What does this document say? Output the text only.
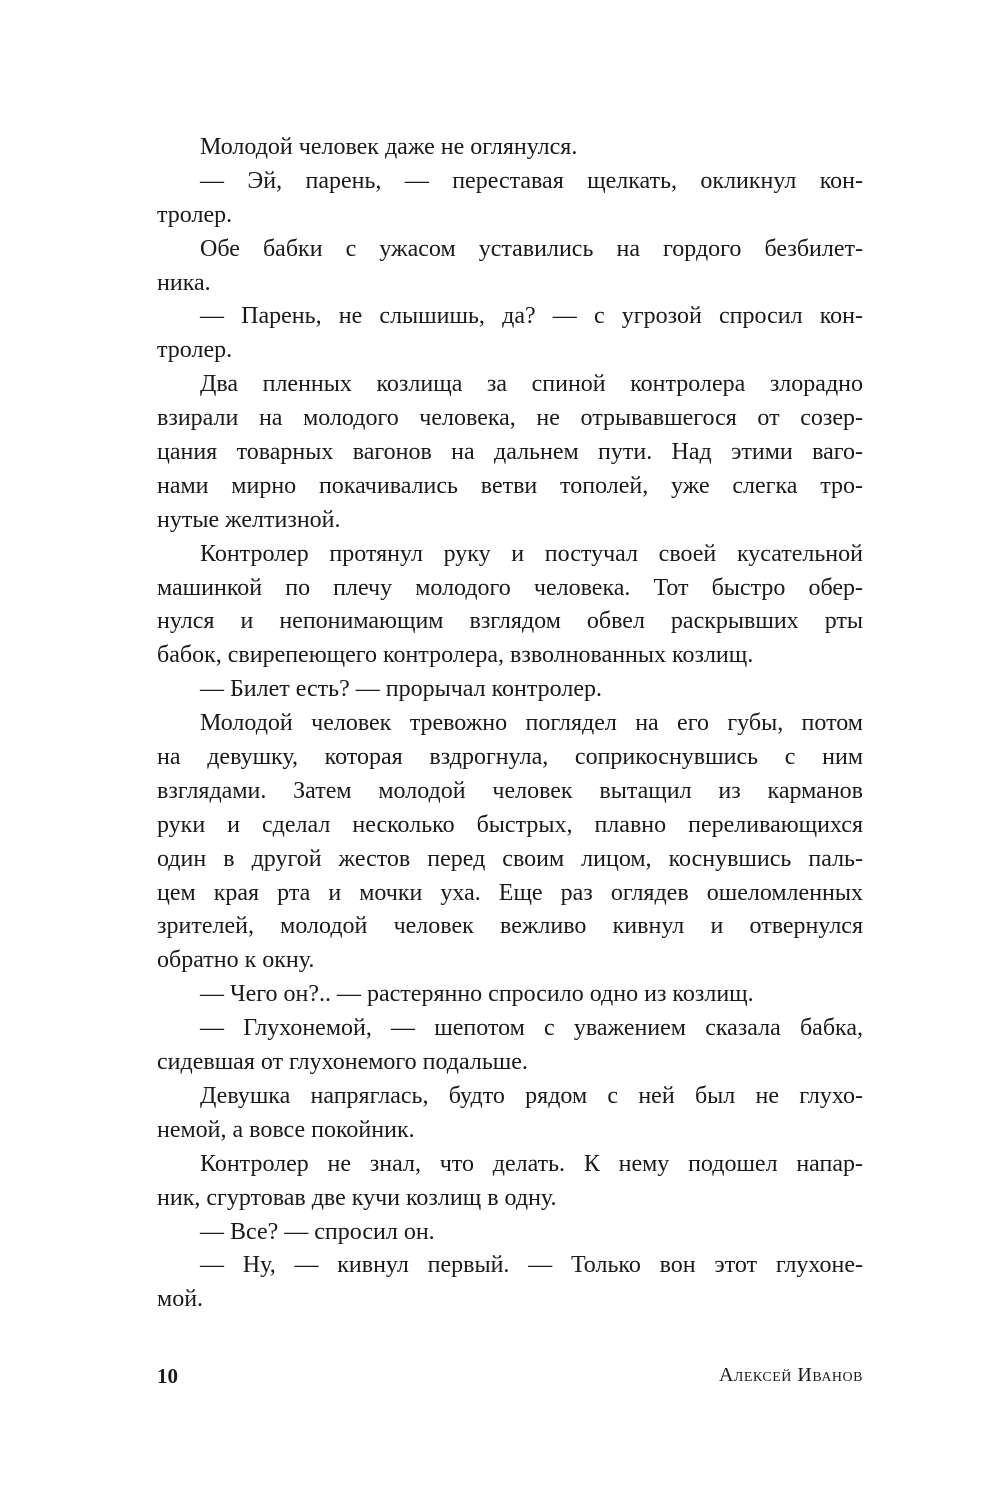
Молодой человек даже не оглянулся.
— Эй, парень, — переставая щелкать, окликнул кон-
тролер.
Обе бабки с ужасом уставились на гордого безбилет-
ника.
— Парень, не слышишь, да? — с угрозой спросил кон-
тролер.
Два пленных козлища за спиной контролера злорадно
взирали на молодого человека, не отрывавшегося от созер-
цания товарных вагонов на дальнем пути. Над этими ваго-
нами мирно покачивались ветви тополей, уже слегка тро-
нутые желтизной.
Контролер протянул руку и постучал своей кусательной
машинкой по плечу молодого человека. Тот быстро обер-
нулся и непонимающим взглядом обвел раскрывших рты
бабок, свирепеющего контролера, взволнованных козлищ.
— Билет есть? — прорычал контролер.
Молодой человек тревожно поглядел на его губы, потом
на девушку, которая вздрогнула, соприкоснувшись с ним
взглядами. Затем молодой человек вытащил из карманов
руки и сделал несколько быстрых, плавно переливающихся
один в другой жестов перед своим лицом, коснувшись паль-
цем края рта и мочки уха. Еще раз оглядев ошеломленных
зрителей, молодой человек вежливо кивнул и отвернулся
обратно к окну.
— Чего он?.. — растерянно спросило одно из козлищ.
— Глухонемой, — шепотом с уважением сказала бабка,
сидевшая от глухонемого подальше.
Девушка напряглась, будто рядом с ней был не глухо-
немой, а вовсе покойник.
Контролер не знал, что делать. К нему подошел напар-
ник, сгуртовав две кучи козлищ в одну.
— Все? — спросил он.
— Ну, — кивнул первый. — Только вон этот глухоне-
мой.
10	Алексей Иванов
